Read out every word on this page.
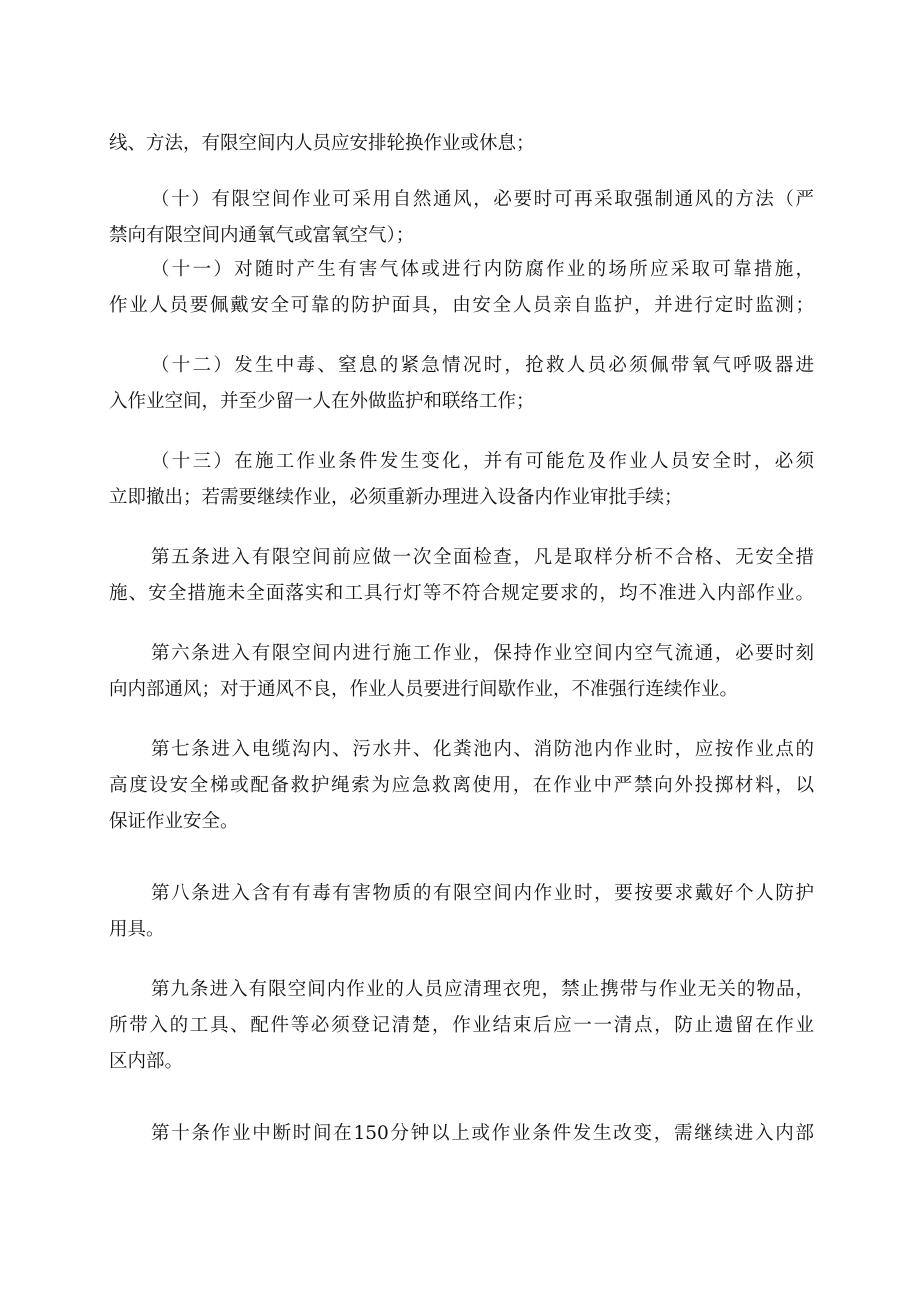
线、方法，有限空间内人员应安排轮换作业或休息；
（十）有限空间作业可采用自然通风，必要时可再采取强制通风的方法（严
禁向有限空间内通氧气或富氧空气）；
（十一）对随时产生有害气体或进行内防腐作业的场所应采取可靠措施，
作业人员要佩戴安全可靠的防护面具，由安全人员亲自监护，并进行定时监测；
（十二）发生中毒、窒息的紧急情况时，抢救人员必须佩带氧气呼吸器进
入作业空间，并至少留一人在外做监护和联络工作；
（十三）在施工作业条件发生变化，并有可能危及作业人员安全时，必须
立即撤出；若需要继续作业，必须重新办理进入设备内作业审批手续；
第五条进入有限空间前应做一次全面检查，凡是取样分析不合格、无安全措
施、安全措施未全面落实和工具行灯等不符合规定要求的，均不准进入内部作业。
第六条进入有限空间内进行施工作业，保持作业空间内空气流通，必要时刻
向内部通风；对于通风不良，作业人员要进行间歇作业，不准强行连续作业。
第七条进入电缆沟内、污水井、化粪池内、消防池内作业时，应按作业点的
高度设安全梯或配备救护绳索为应急救离使用，在作业中严禁向外投掷材料，以
保证作业安全。
第八条进入含有有毒有害物质的有限空间内作业时，要按要求戴好个人防护
用具。
第九条进入有限空间内作业的人员应清理衣兜，禁止携带与作业无关的物品，
所带入的工具、配件等必须登记清楚，作业结束后应一一清点，防止遗留在作业
区内部。
第十条作业中断时间在150分钟以上或作业条件发生改变，需继续进入内部
